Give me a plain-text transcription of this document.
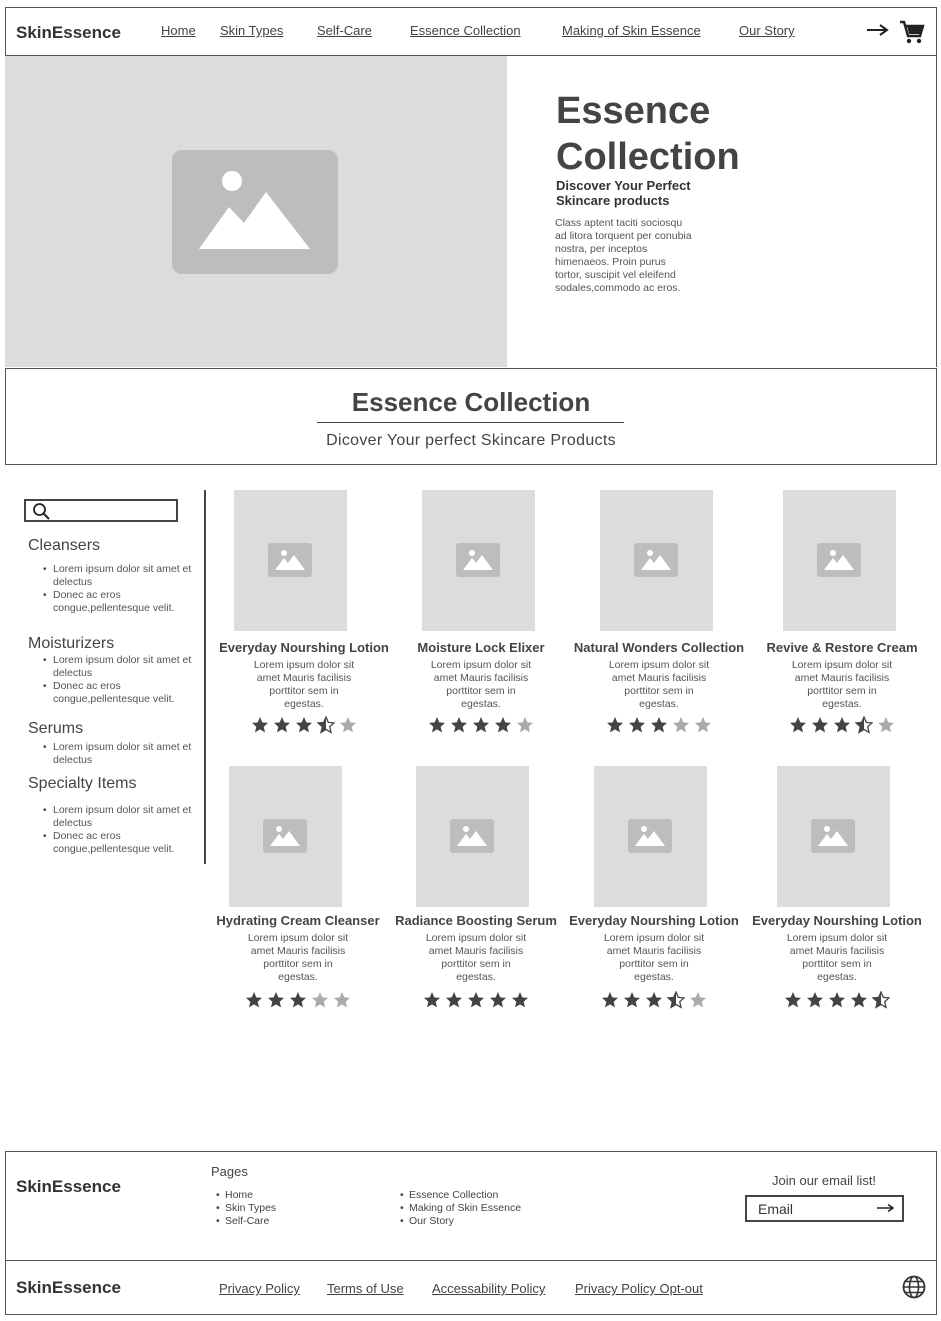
SkinEssence	Home Skin Types	Self-Care	Essence Collection	Making of Skin Essence	Our Story
Essence Collection
Discover Your Perfect Skincare products
Class aptent taciti sociosqu ad litora torquent per conubia nostra, per inceptos himenaeos. Proin purus tortor, suscipit vel eleifend sodales,commodo ac eros.
Essence Collection
Dicover Your perfect Skincare Products
Cleansers
• Lorem ipsum dolor sit amet et delectus
• Donec ac eros congue,pellentesque velit.
Moisturizers
• Lorem ipsum dolor sit amet et delectus
• Donec ac eros congue,pellentesque velit.
Serums
• Lorem ipsum dolor sit amet et delectus
Specialty Items
• Lorem ipsum dolor sit amet et delectus
• Donec ac eros congue,pellentesque velit.
Everyday Nourshing Lotion
Lorem ipsum dolor sit amet Mauris facilisis porttitor sem in egestas.
Moisture Lock Elixer
Lorem ipsum dolor sit amet Mauris facilisis porttitor sem in egestas.
Natural Wonders Collection
Lorem ipsum dolor sit amet Mauris facilisis porttitor sem in egestas.
Revive & Restore Cream
Lorem ipsum dolor sit amet Mauris facilisis porttitor sem in egestas.
Hydrating Cream Cleanser
Lorem ipsum dolor sit amet Mauris facilisis porttitor sem in egestas.
Radiance Boosting Serum
Lorem ipsum dolor sit amet Mauris facilisis porttitor sem in egestas.
Everyday Nourshing Lotion
Lorem ipsum dolor sit amet Mauris facilisis porttitor sem in egestas.
Everyday Nourshing Lotion
Lorem ipsum dolor sit amet Mauris facilisis porttitor sem in egestas.
SkinEssence
Pages
• Home
• Skin Types
• Self-Care
• Essence Collection
• Making of Skin Essence
• Our Story
Join our email list!
Email
SkinEssence	Privacy Policy Terms of Use Accessability Policy Privacy Policy Opt-out
